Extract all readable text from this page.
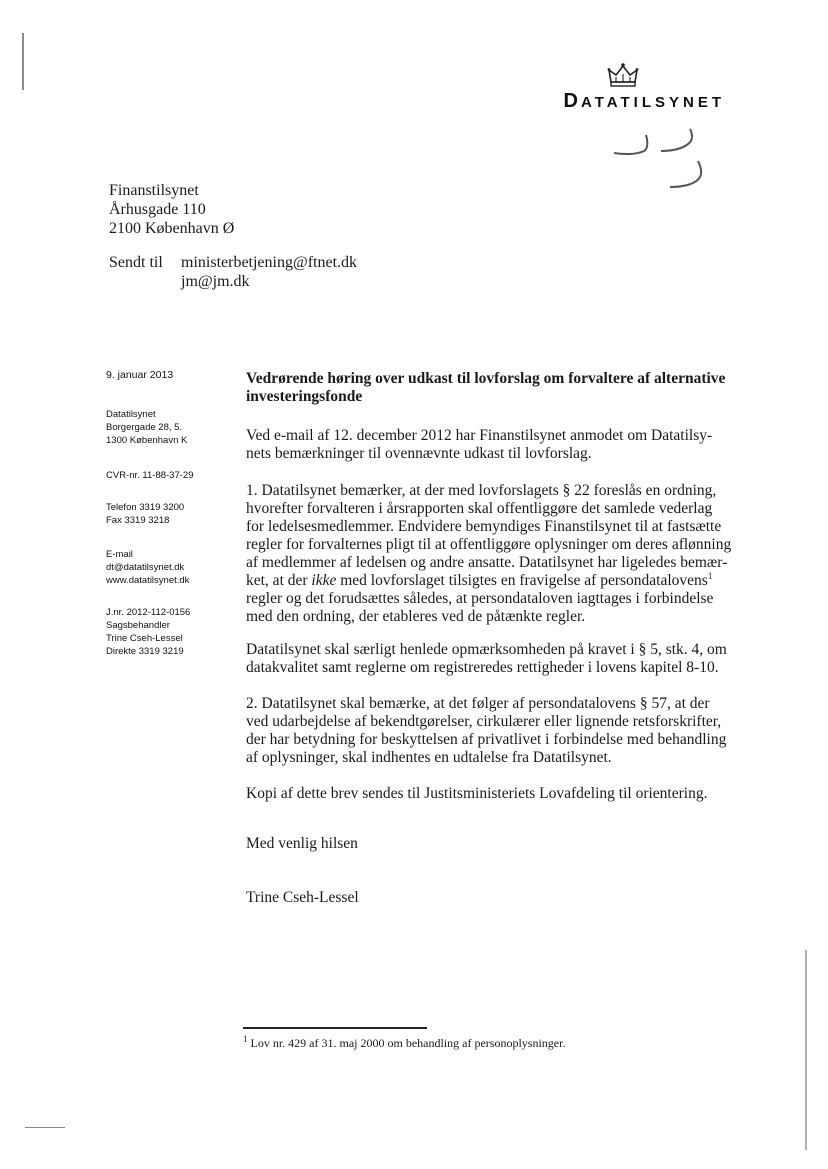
DATATILSYNET
Finanstilsynet
Århusgade 110
2100 København Ø
Sendt til	ministerbetjening@ftnet.dk
jm@jm.dk
9. januar 2013
Datatilsynet
Borgergade 28, 5.
1300 København K
CVR-nr. 11-88-37-29
Telefon 3319 3200
Fax 3319 3218
E-mail
dt@datatilsynet.dk
www.datatilsynet.dk
J.nr. 2012-112-0156
Sagsbehandler
Trine Cseh-Lessel
Direkte 3319 3219
Vedrørende høring over udkast til lovforslag om forvaltere af alternative
investeringsfonde
Ved e-mail af 12. december 2012 har Finanstilsynet anmodet om Datatilsy-
nets bemærkninger til ovennævnte udkast til lovforslag.
1. Datatilsynet bemærker, at der med lovforslagets § 22 foreslås en ordning,
hvorefter forvalteren i årsrapporten skal offentliggøre det samlede vederlag
for ledelsesmedlemmer. Endvidere bemyndiges Finanstilsynet til at fastsætte
regler for forvalternes pligt til at offentliggøre oplysninger om deres aflønning
af medlemmer af ledelsen og andre ansatte. Datatilsynet har ligeledes bemær-
ket, at der ikke med lovforslaget tilsigtes en fravigelse af persondatalovens$^1$
regler og det forudsættes således, at persondataloven iagttages i forbindelse
med den ordning, der etableres ved de påtænkte regler.
Datatilsynet skal særligt henlede opmærksomheden på kravet i § 5, stk. 4, om
datakvalitet samt reglerne om registreredes rettigheder i lovens kapitel 8-10.
2. Datatilsynet skal bemærke, at det følger af persondatalovens § 57, at der
ved udarbejdelse af bekendtgørelser, cirkulærer eller lignende retsforskrifter,
der har betydning for beskyttelsen af privatlivet i forbindelse med behandling
af oplysninger, skal indhentes en udtalelse fra Datatilsynet.
Kopi af dette brev sendes til Justitsministeriets Lovafdeling til orientering.
Med venlig hilsen
Trine Cseh-Lessel
$^1$ Lov nr. 429 af 31. maj 2000 om behandling af personoplysninger.
